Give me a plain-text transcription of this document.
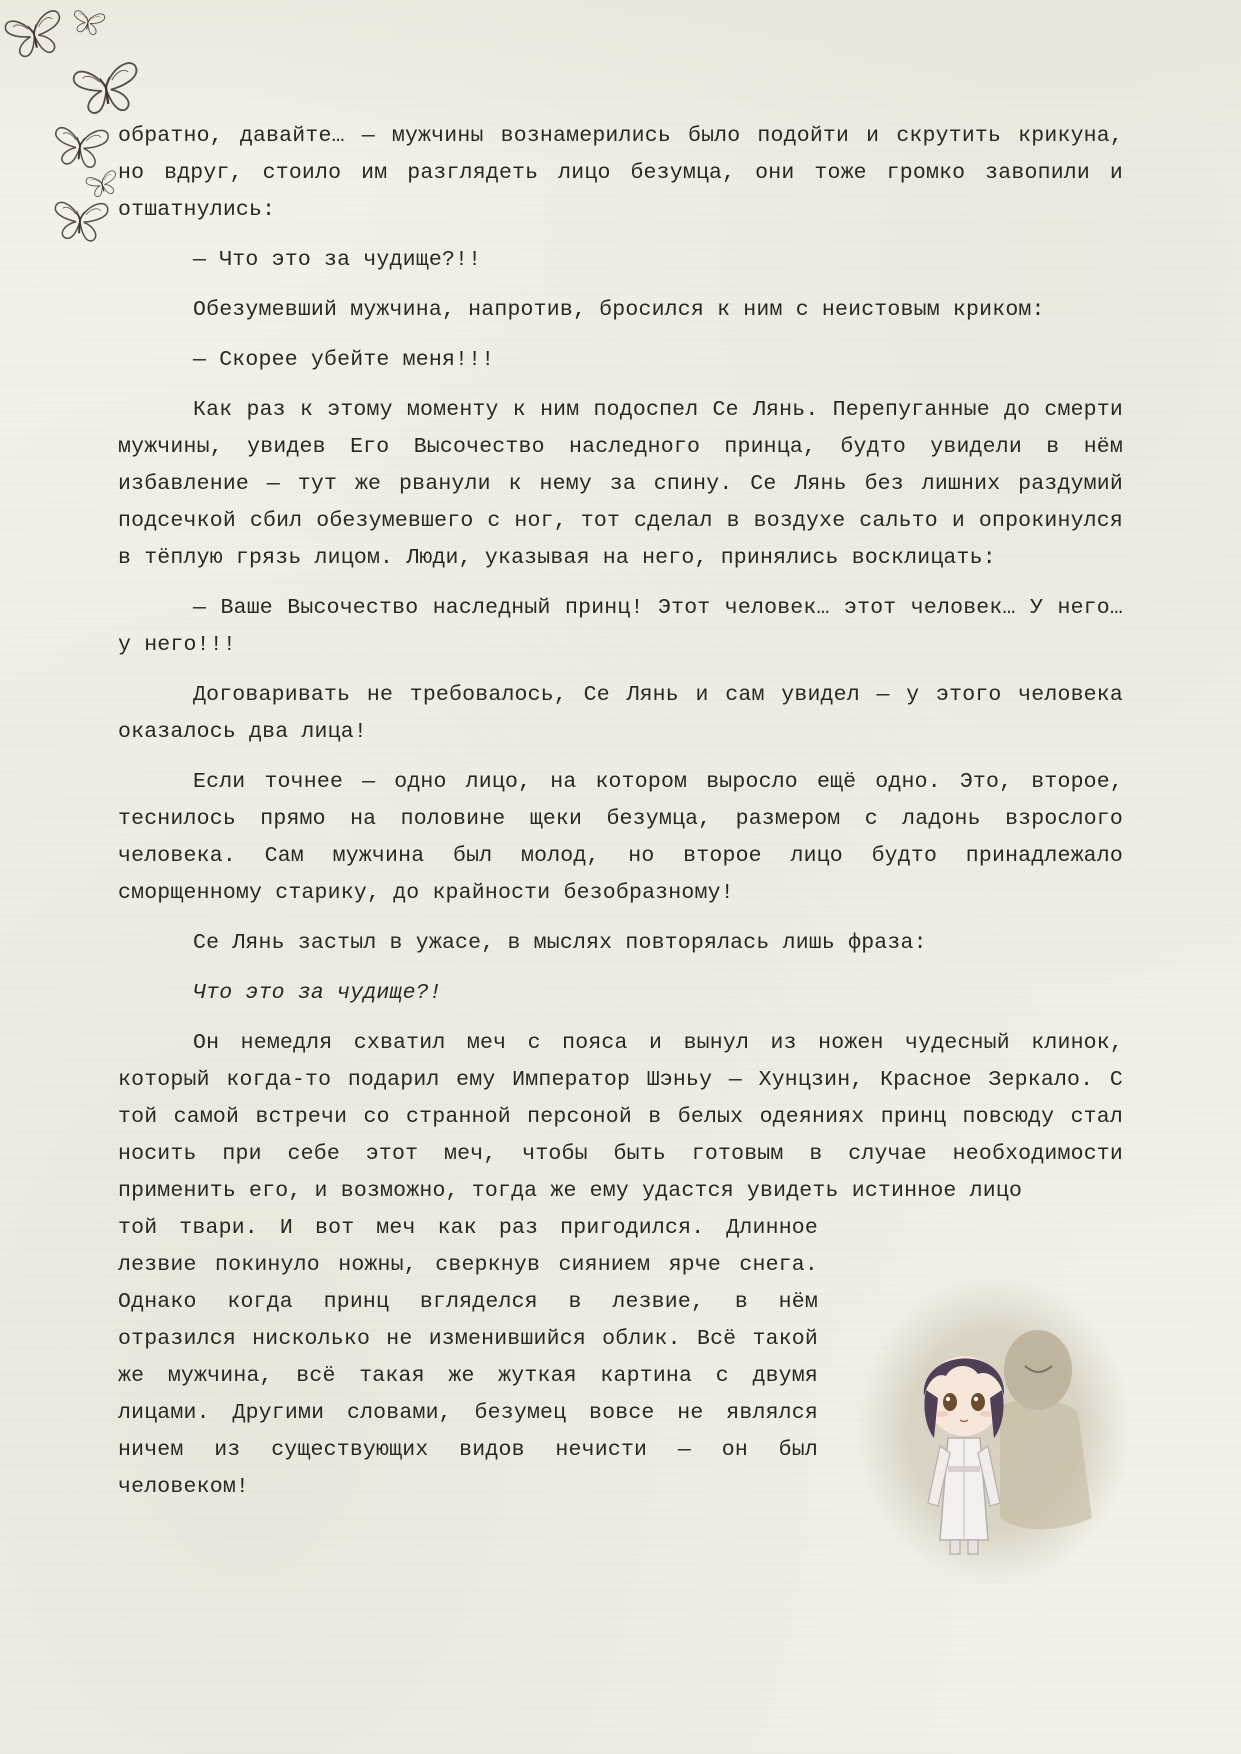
обратно, давайте… — мужчины вознамерились было подойти и скрутить крикуна, но вдруг, стоило им разглядеть лицо безумца, они тоже громко завопили и отшатнулись:

— Что это за чудище?!!

Обезумевший мужчина, напротив, бросился к ним с неистовым криком:

— Скорее убейте меня!!!

Как раз к этому моменту к ним подоспел Се Лянь. Перепуганные до смерти мужчины, увидев Его Высочество наследного принца, будто увидели в нём избавление — тут же рванули к нему за спину. Се Лянь без лишних раздумий подсечкой сбил обезумевшего с ног, тот сделал в воздухе сальто и опрокинулся в тёплую грязь лицом. Люди, указывая на него, принялись восклицать:

— Ваше Высочество наследный принц! Этот человек… этот человек… У него… у него!!!

Договаривать не требовалось, Се Лянь и сам увидел — у этого человека оказалось два лица!

Если точнее — одно лицо, на котором выросло ещё одно. Это, второе, теснилось прямо на половине щеки безумца, размером с ладонь взрослого человека. Сам мужчина был молод, но второе лицо будто принадлежало сморщенному старику, до крайности безобразному!

Се Лянь застыл в ужасе, в мыслях повторялась лишь фраза:

Что это за чудище?!

Он немедля схватил меч с пояса и вынул из ножен чудесный клинок, который когда-то подарил ему Император Шэньу — Хунцзин, Красное Зеркало. С той самой встречи со странной персоной в белых одеяниях принц повсюду стал носить при себе этот меч, чтобы быть готовым в случае необходимости применить его, и возможно, тогда же ему удастся увидеть истинное лицо

той твари. И вот меч как раз пригодился. Длинное лезвие покинуло ножны, сверкнув сиянием ярче снега. Однако когда принц вгляделся в лезвие, в нём отразился нисколько не изменившийся облик. Всё такой же мужчина, всё такая же жуткая картина с двумя лицами. Другими словами, безумец вовсе не являлся ничем из существующих видов нечисти — он был человеком!
